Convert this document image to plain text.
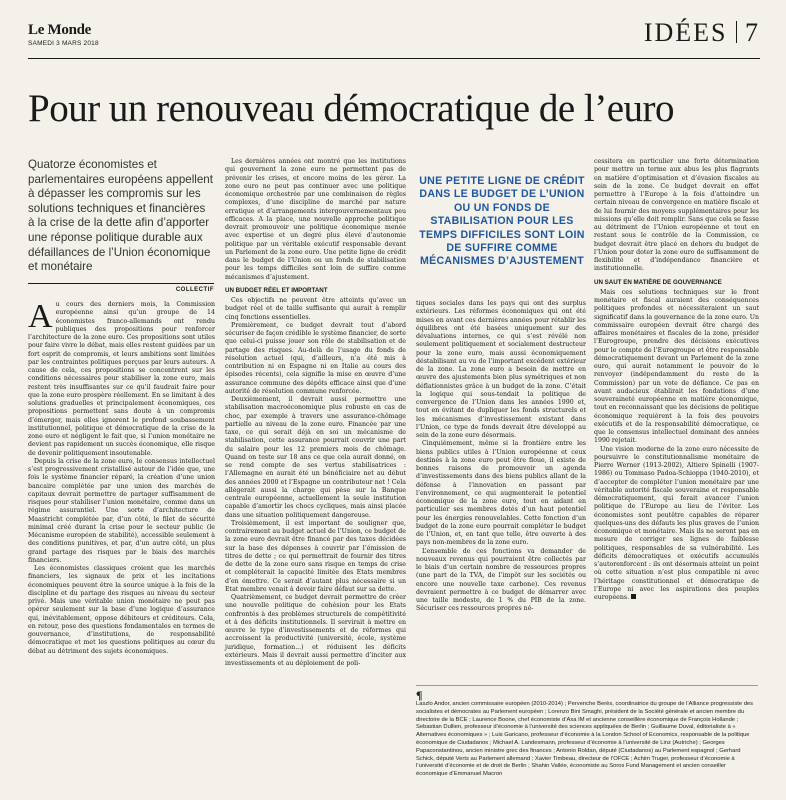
Le Monde
SAMEDI 3 MARS 2018	IDÉES 7
Pour un renouveau démocratique de l’euro
Quatorze économistes et parlementaires européens appellent à dépasser les compromis sur les solutions techniques et financières à la crise de la dette afin d’apporter une réponse politique durable aux défaillances de l’Union économique et monétaire
COLLECTIF

Au cours des derniers mois, la Commission européenne ainsi qu’un groupe de 14 économistes franco-allemands ont rendu publiques des propositions pour renforcer l’architecture de la zone euro. Ces propositions sont utiles pour faire vivre le débat, mais elles restent guidées par un fort esprit de compromis, et leurs ambitions sont limitées par les contraintes politiques perçues par leurs auteurs. A cause de cela, ces propositions se concentrent sur les conditions nécessaires pour stabiliser la zone euro, mais restent très insuffisantes sur ce qu’il faudrait faire pour que la zone euro prospère réellement. En se limitant à des solutions graduelles et principalement économiques, ces propositions permettent sans doute à un compromis d’émerger, mais elles ignorent le profond soubassement institutionnel, politique et démocratique de la crise de la zone euro et négligent le fait que, si l’union monétaire ne devient pas rapidement un succès économique, elle risque de devenir politiquement insoutenable.

Depuis la crise de la zone euro, le consensus intellectuel s’est progressivement cristallisé autour de l’idée que, une fois le système financier réparé, la création d’une union bancaire complétée par une union des marchés de capitaux devrait permettre de partager suffisamment de risques pour stabiliser l’union monétaire, comme dans un régime assurantiel. Une sorte d’architecture de Maastricht complétée par, d’un côté, le filet de sécurité minimal créé durant la crise pour le secteur public (le Mécanisme européen de stabilité), accessible seulement à des conditions punitives, et par, d’un autre côté, un plus grand partage des risques par le biais des marchés financiers.

Les économistes classiques croient que les marchés financiers, les signaux de prix et les incitations économiques peuvent être la source unique à la fois de la discipline et du partage des risques au niveau du secteur privé. Mais une véritable union monétaire ne peut pas opérer seulement sur la base d’une logique d’assurance qui, inévitablement, oppose débiteurs et créditeurs. Cela, en retour, pose des questions fondamentales en termes de gouvernance, d’institutions, de responsabilité démocratique et met les questions politiques au cœur du débat au détriment des sujets économiques.

Les dernières années ont montré que les institutions qui gouvernent la zone euro ne permettent pas de prévenir les crises, et encore moins de les gérer. La zone euro ne peut pas continuer avec une politique économique orchestrée par une combinaison de règles complexes, d’une discipline de marché par nature erratique et d’arrangements intergouvernementaux peu efficaces. A la place, une nouvelle approche politique devrait promouvoir une politique économique menée avec expertise et un degré plus élevé d’autonomie politique par un véritable exécutif responsable devant un Parlement de la zone euro. Une petite ligne de crédit dans le budget de l’Union ou un fonds de stabilisation pour les temps difficiles sont loin de suffire comme mécanismes d’ajustement.

UN BUDGET RÉEL ET IMPORTANT

Ces objectifs ne peuvent être atteints qu’avec un budget réel et de taille suffisante qui aurait à remplir cinq fonctions essentielles.

Premièrement, ce budget devrait tout d’abord sécuriser de façon crédible le système financier, de sorte que celui-ci puisse jouer son rôle de stabilisation et de partage des risques. Au-delà de l’usage du fonds de résolution actuel (qui, d’ailleurs, n’a été mis à contribution ni en Espagne ni en Italie au cours des épisodes récents), cela signifie la mise en œuvre d’une assurance commune des dépôts efficace ainsi que d’une autorité de résolution commune renforcée.

Deuxièmement, il devrait aussi permettre une stabilisation macroéconomique plus robuste en cas de choc, par exemple à travers une assurance-chômage partielle au niveau de la zone euro. Financée par une taxe, ce qui serait déjà en soi un mécanisme de stabilisation, cette assurance pourrait couvrir une part du salaire pour les 12 premiers mois de chômage. Quand on teste sur 18 ans ce que cela aurait donné, on se rend compte de ses vertus stabilisatrices : l’Allemagne en aurait été un bénéficiaire net au début des années 2000 et l’Espagne un contributeur net ! Cela allégerait aussi la charge qui pèse sur la Banque centrale européenne, actuellement la seule institution capable d’amortir les chocs cycliques, mais ainsi placée dans une situation politiquement dangereuse.

Troisièmement, il est important de souligner que, contrairement au budget actuel de l’Union, ce budget de la zone euro devrait être financé par des taxes décidées sur la base des dépenses à couvrir par l’émission de titres de dette ; ce qui permettrait de fournir des titres de dette de la zone euro sans risque en temps de crise et compléterait la capacité limitée des Etats membres d’en émettre. Ce serait d’autant plus nécessaire si un Etat membre venait à devoir faire défaut sur sa dette.

Quatrièmement, ce budget devrait permettre de créer une nouvelle politique de cohésion pour les Etats confrontés à des problèmes structurels de compétitivité et à des déficits institutionnels. Il servirait à mettre en œuvre le type d’investissements et de réformes qui accroissent la productivité (université, école, système juridique, formation...) et réduisent les déficits extérieurs. Mais il devrait aussi permettre d’inciter aux investissements et au déploiement de poli-

UNE PETITE LIGNE DE CRÉDIT DANS LE BUDGET DE L’UNION OU UN FONDS DE STABILISATION POUR LES TEMPS DIFFICILES SONT LOIN DE SUFFIRE COMME MÉCANISMES D’AJUSTEMENT

tiques sociales dans les pays qui ont des surplus extérieurs. Les réformes économiques qui ont été mises en avant ces dernières années pour rétablir les équilibres ont été basées uniquement sur des dévaluations internes, ce qui s’est révélé non seulement politiquement et socialement destructeur pour la zone euro, mais aussi économiquement déstabilisant au vu de l’important excédent extérieur de la zone. La zone euro a besoin de mettre en œuvre des ajustements bien plus symétriques et non déflationnistes grâce à un budget de la zone. C’était la logique qui sous-tendait la politique de convergence de l’Union dans les années 1990 et, tout en évitant de dupliquer les fonds structurels et les mécanismes d’investissement existant dans l’Union, ce type de fonds devrait être développé au sein de la zone euro désormais.

Cinquièmement, même si la frontière entre les biens publics utiles à l’Union européenne et ceux destinés à la zone euro peut être floue, il existe de bonnes raisons de promouvoir un agenda d’investissements dans des biens publics allant de la défense à l’innovation en passant par l’environnement, ce qui augmenterait le potentiel économique de la zone euro, tout en aidant en particulier ses membres dotés d’un haut potentiel pour les énergies renouvelables. Cette fonction d’un budget de la zone euro pourrait compléter le budget de l’Union, et, en tant que telle, être ouverte à des pays non-membres de la zone euro.

L’ensemble de ces fonctions va demander de nouveaux revenus qui pourraient être collectés par le biais d’un certain nombre de ressources propres (une part de la TVA, de l’impôt sur les sociétés ou encore une nouvelle taxe carbone). Ces revenus devraient permettre à ce budget de démarrer avec une taille modeste, de 1 % du PIB de la zone. Sécuriser ces ressources propres né-

cessitera en particulier une forte détermination pour mettre un terme aux abus les plus flagrants en matière d’optimisation et d’évasion fiscales au sein de la zone. Ce budget devrait en effet permettre à l’Europe à la fois d’atteindre un certain niveau de convergence en matière fiscale et de lui fournir des moyens supplémentaires pour les missions qu’elle doit remplir. Sans que cela se fasse au détriment de l’Union européenne et tout en restant sous le contrôle de la Commission, ce budget devrait être placé en dehors du budget de l’Union pour doter la zone euro de suffisamment de flexibilité et d’indépendance financière et institutionnelle.

UN SAUT EN MATIÈRE DE GOUVERNANCE

Mais ces solutions techniques sur le front monétaire et fiscal auraient des conséquences politiques profondes et nécessiteraient un saut significatif dans la gouvernance de la zone euro. Un commissaire européen devrait être chargé des affaires monétaires et fiscales de la zone, présider l’Eurogroupe, prendre des décisions exécutives pour le compte de l’Eurogroupe et être responsable démocratiquement devant un Parlement de la zone euro, qui aurait notamment le pouvoir de le renvoyer (indépendamment du reste de la Commission) par un vote de défiance. Ce pas en avant audacieux établirait les fondations d’une souveraineté européenne en matière économique, tout en reconnaissant que les décisions de politique économique requièrent à la fois des pouvoirs exécutifs et de la responsabilité démocratique, ce que le consensus intellectuel dominant des années 1990 rejetait.

Une vision moderne de la zone euro nécessite de poursuivre le constitutionnalisme monétaire de Pierre Werner (1913-2002), Altiero Spinelli (1907-1986) ou Tommaso Padoa-Schioppa (1940-2010), et d’accepter de compléter l’union monétaire par une véritable autorité fiscale souveraine et responsable démocratiquement, qui ferait avancer l’union politique de l’Europe au lieu de l’éviter. Les économistes sont peutêtre capables de réparer quelques-uns des défauts les plus graves de l’union économique et monétaire. Mais ils ne seront pas en mesure de corriger ses lignes de faiblesse politiques, responsables de sa vulnérabilité. Les déficits démocratiques et exécutifs accumulés s’autorenforcent : ils ont désormais atteint un point où cette situation n’est plus compatible ni avec l’héritage constitutionnel et démocratique de l’Europe ni avec les aspirations des peuples européens.

¶
Laszlo Andor, ancien commissaire européen (2010-2014) ; Pervenche Berès, coordinatrice du groupe de l’Alliance progressiste des socialistes et démocrates au Parlement européen ; Lorenzo Bini Smaghi, président de la Société générale et ancien membre du directoire de la BCE ; Laurence Boone, chef économiste d’Axa IM et ancienne conseillère économique de François Hollande ; Sebastian Dullien, professeur d’économie à l’université des sciences appliquées de Berlin ; Guillaume Duval, éditorialiste à « Alternatives économiques » ; Luis Garicano, professeur d’économie à la London School of Economics, responsable de la politique économique de Ciudadanos ; Michael A. Landesmann, professeur d’économie à l’université de Linz (Autriche) ; Georges Papaconstantinou, ancien ministre grec des finances ; Antonio Roldan, député (Ciudadanos) au Parlement espagnol ; Gerhard Schick, député Verts au Parlement allemand ; Xavier Timbeau, directeur de l’OFCE ; Achim Truger, professeur d’économie à l’université d’économie et de droit de Berlin ; Shahin Vallée, économiste au Soros Fund Management et ancien conseiller économique d’Emmanuel Macron
